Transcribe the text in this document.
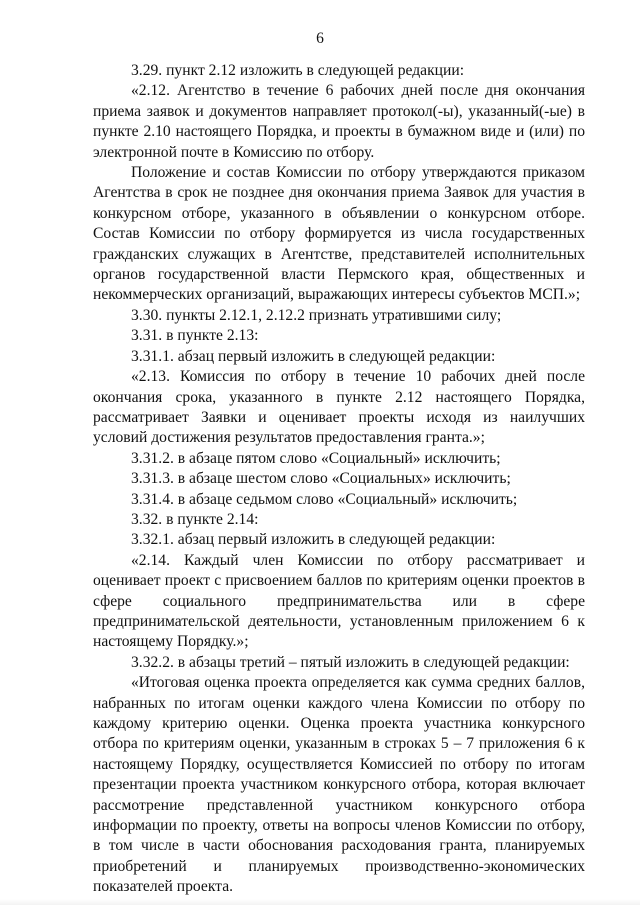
6

3.29. пункт 2.12 изложить в следующей редакции:

«2.12. Агентство в течение 6 рабочих дней после дня окончания приема заявок и документов направляет протокол(-ы), указанный(-ые) в пункте 2.10 настоящего Порядка, и проекты в бумажном виде и (или) по электронной почте в Комиссию по отбору.

Положение и состав Комиссии по отбору утверждаются приказом Агентства в срок не позднее дня окончания приема Заявок для участия в конкурсном отборе, указанного в объявлении о конкурсном отборе. Состав Комиссии по отбору формируется из числа государственных гражданских служащих в Агентстве, представителей исполнительных органов государственной власти Пермского края, общественных и некоммерческих организаций, выражающих интересы субъектов МСП.»;

3.30. пункты 2.12.1, 2.12.2 признать утратившими силу;

3.31. в пункте 2.13:

3.31.1. абзац первый изложить в следующей редакции:

«2.13. Комиссия по отбору в течение 10 рабочих дней после окончания срока, указанного в пункте 2.12 настоящего Порядка, рассматривает Заявки и оценивает проекты исходя из наилучших условий достижения результатов предоставления гранта.»;

3.31.2. в абзаце пятом слово «Социальный» исключить;

3.31.3. в абзаце шестом слово «Социальных» исключить;

3.31.4. в абзаце седьмом слово «Социальный» исключить;

3.32. в пункте 2.14:

3.32.1. абзац первый изложить в следующей редакции:

«2.14. Каждый член Комиссии по отбору рассматривает и оценивает проект с присвоением баллов по критериям оценки проектов в сфере социального предпринимательства или в сфере предпринимательской деятельности, установленным приложением 6 к настоящему Порядку.»;

3.32.2. в абзацы третий – пятый изложить в следующей редакции:

«Итоговая оценка проекта определяется как сумма средних баллов, набранных по итогам оценки каждого члена Комиссии по отбору по каждому критерию оценки. Оценка проекта участника конкурсного отбора по критериям оценки, указанным в строках 5 – 7 приложения 6 к настоящему Порядку, осуществляется Комиссией по отбору по итогам презентации проекта участником конкурсного отбора, которая включает рассмотрение представленной участником конкурсного отбора информации по проекту, ответы на вопросы членов Комиссии по отбору, в том числе в части обоснования расходования гранта, планируемых приобретений и планируемых производственно-экономических показателей проекта.
